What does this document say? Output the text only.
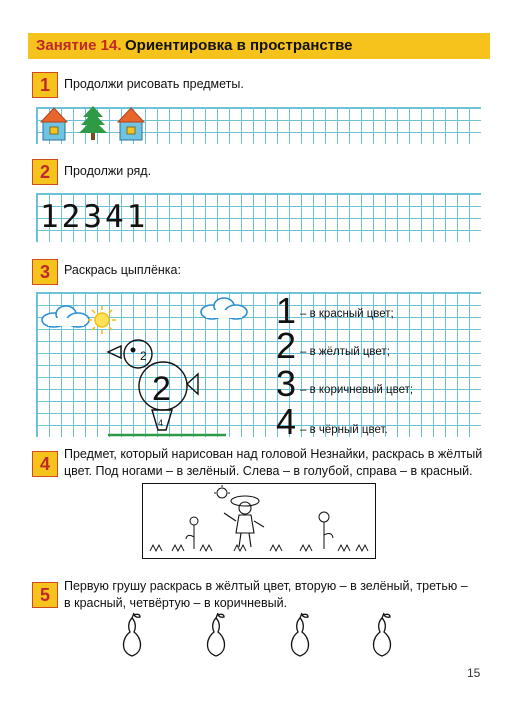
Занятие 14. Ориентировка в пространстве
1	Продолжи рисовать предметы.
2	Продолжи ряд.
12341
3	Раскрась цыплёнка:
2
2
4
1 – в красный цвет;
2 – в жёлтый цвет;
3 – в коричневый цвет;
4 – в чёрный цвет.
4	Предмет, который нарисован над головой Незнайки, раскрась в жёлтый
цвет. Под ногами – в зелёный. Слева – в голубой, справа – в красный.
5	Первую грушу раскрась в жёлтый цвет, вторую – в зелёный, третью –
в красный, четвёртую – в коричневый.
15
